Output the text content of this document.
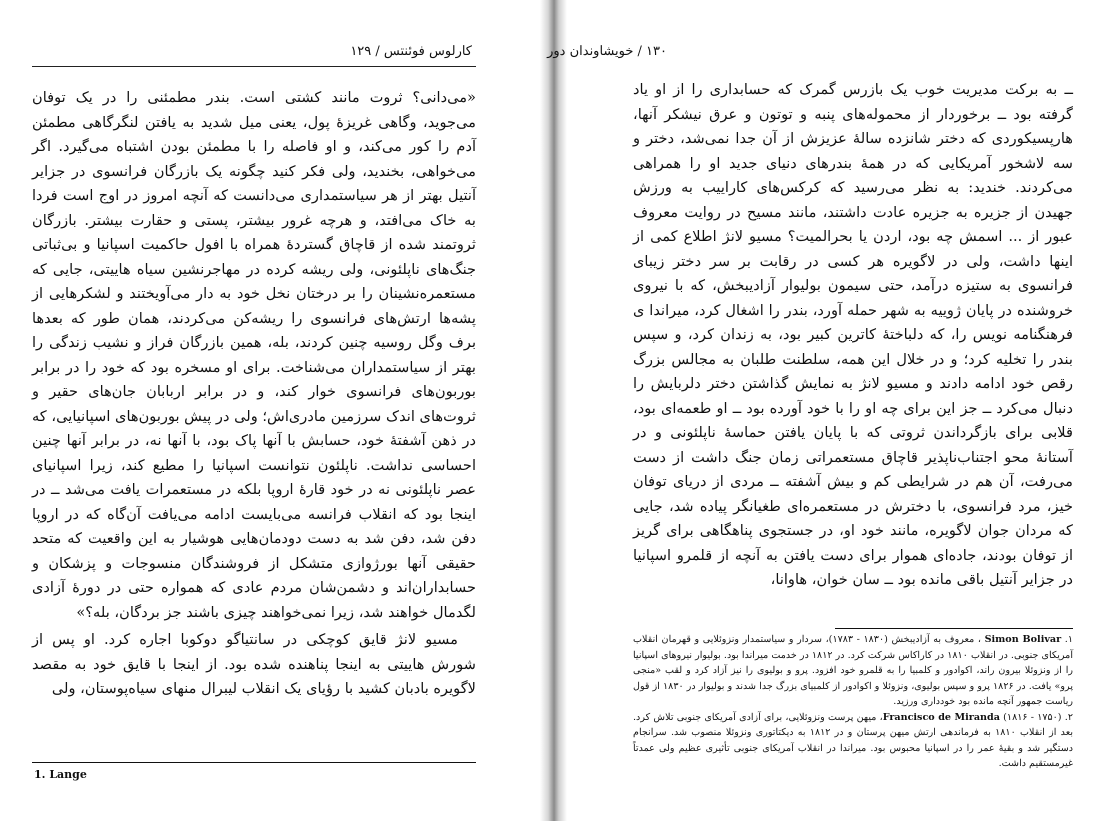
کارلوس فوئنتس / ۱۲۹

«می‌دانی؟ ثروت مانند کشتی است. بندر مطمئنی را در یک توفان می‌جوید، وگاهی غریزهٔ پول، یعنی میل شدید به یافتن لنگرگاهی مطمئن آدم را کور می‌کند، و او فاصله را با مطمئن بودن اشتباه می‌گیرد. اگر می‌خواهی، بخندید، ولی فکر کنید چگونه یک بازرگان فرانسوی در جزایر آنتیل بهتر از هر سیاستمداری می‌دانست که آنچه امروز در اوج است فردا به خاک می‌افتد، و هرچه غرور بیشتر، پستی و حقارت بیشتر. بازرگان ثروتمند شده از قاچاق گستردهٔ همراه با افول حاکمیت اسپانیا و بی‌ثباتی جنگ‌های ناپلئونی، ولی ریشه کرده در مهاجرنشین سیاه هاییتی، جایی که مستعمره‌نشینان را بر درختان نخل خود به دار می‌آویختند و لشکرهایی از پشه‌ها ارتش‌های فرانسوی را ریشه‌کن می‌کردند، همان طور که بعدها برف وگل روسیه چنین کردند، بله، همین بازرگان فراز و نشیب زندگی را بهتر از سیاستمداران می‌شناخت. برای او مسخره بود که خود را در برابر بوربون‌های فرانسوی خوار کند، و در برابر اربابان جان‌های حقیر و ثروت‌های اندک سرزمین مادری‌اش؛ ولی در پیش بوربون‌های اسپانیایی، که در ذهن آشفتهٔ خود، حسابش با آنها پاک بود، با آنها نه، در برابر آنها چنین احساسی نداشت. ناپلئون نتوانست اسپانیا را مطیع کند، زیرا اسپانیای عصر ناپلئونی نه در خود قارهٔ اروپا بلکه در مستعمرات یافت می‌شد ــ در اینجا بود که انقلاب فرانسه می‌بایست ادامه می‌یافت آن‌گاه که در اروپا دفن شد، دفن شد به دست دودمان‌هایی هوشیار به این واقعیت که متحد حقیقی آنها بورژوازی متشکل از فروشندگان منسوجات و پزشکان و حسابداران‌اند و دشمن‌شان مردم عادی که همواره حتی در دورهٔ آزادی لگدمال خواهند شد، زیرا نمی‌خواهند چیزی باشند جز بردگان، بله؟»

مسیو لانژ قایق کوچکی در سانتیاگو دوکوبا اجاره کرد. او پس از شورش هاییتی به اینجا پناهنده شده بود. از اینجا با قایق خود به مقصد لاگویره بادبان کشید با رؤیای یک انقلاب لیبرال منهای سیاه‌پوستان، ولی

1. Lange
۱۳۰ / خویشاوندان دور

ــ به برکت مدیریت خوب یک بازرس گمرک که حسابداری را از او یاد گرفته بود ــ برخوردار از محموله‌های پنبه و توتون و عرق نیشکر آنها، هارپسیکوردی که دختر شانزده سالهٔ عزیزش از آن جدا نمی‌شد، دختر و سه لاشخور آمریکایی که در همهٔ بندرهای دنیای جدید او را همراهی می‌کردند. خندید: به نظر می‌رسید که کرکس‌های کاراییب به ورزش جهیدن از جزیره به جزیره عادت داشتند، مانند مسیح در روایت معروف عبور از ... اسمش چه بود، اردن یا بحرالمیت؟ مسیو لانژ اطلاع کمی از اینها داشت، ولی در لاگویره هر کسی در رقابت بر سر دختر زیبای فرانسوی به ستیزه درآمد، حتی سیمون بولیوار آزادیبخش، که با نیروی خروشنده در پایان ژوییه به شهر حمله آورد، بندر را اشغال کرد، میراندا ی فرهنگنامه نویس را، که دلباختهٔ کاترین کبیر بود، به زندان کرد، و سپس بندر را تخلیه کرد؛ و در خلال این همه، سلطنت طلبان به مجالس بزرگ رقص خود ادامه دادند و مسیو لانژ به نمایش گذاشتن دختر دلربایش را دنبال می‌کرد ــ جز این برای چه او را با خود آورده بود ــ او طعمه‌ای بود، قلابی برای بازگرداندن ثروتی که با پایان یافتن حماسهٔ ناپلئونی و در آستانهٔ محو اجتناب‌ناپذیر قاچاق مستعمراتی زمان جنگ داشت از دست می‌رفت، آن هم در شرایطی کم و بیش آشفته ــ مردی از دریای توفان خیز، مرد فرانسوی، با دخترش در مستعمره‌ای طغیانگر پیاده شد، جایی که مردان جوان لاگویره، مانند خود او، در جستجوی پناهگاهی برای گریز از توفان بودند، جاده‌ای هموار برای دست یافتن به آنچه از قلمرو اسپانیا در جزایر آنتیل باقی مانده بود ــ سان خوان، هاوانا،

۱. Simon Bolivar ، معروف به آزادیبخش (۱۸۳۰ - ۱۷۸۳)، سردار و سیاستمدار ونزوئلایی و قهرمان انقلاب آمریکای جنوبی. در انقلاب ۱۸۱۰ در کاراکاس شرکت کرد. در ۱۸۱۲ در خدمت میراندا بود. بولیوار نیروهای اسپانیا را از ونزوئلا بیرون راند، اکوادور و کلمبیا را به قلمرو خود افزود. پرو و بولیوی را نیز آزاد کرد و لقب «منجی پرو» یافت. در ۱۸۲۶ پرو و سپس بولیوی، ونزوئلا و اکوادور از کلمبیای بزرگ جدا شدند و بولیوار در ۱۸۳۰ از قول ریاست جمهور آنچه مانده بود خودداری ورزید.

۲. Francisco de Miranda (۱۸۱۶ - ۱۷۵۰)، میهن پرست ونزوئلایی، برای آزادی آمریکای جنوبی تلاش کرد. بعد از انقلاب ۱۸۱۰ به فرماندهی ارتش میهن پرستان و در ۱۸۱۲ به دیکتاتوری ونزوئلا منصوب شد. سرانجام دستگیر شد و بقیهٔ عمر را در اسپانیا محبوس بود. میراندا در انقلاب آمریکای جنوبی تأثیری عظیم ولی عمدتاً غیرمستقیم داشت.
